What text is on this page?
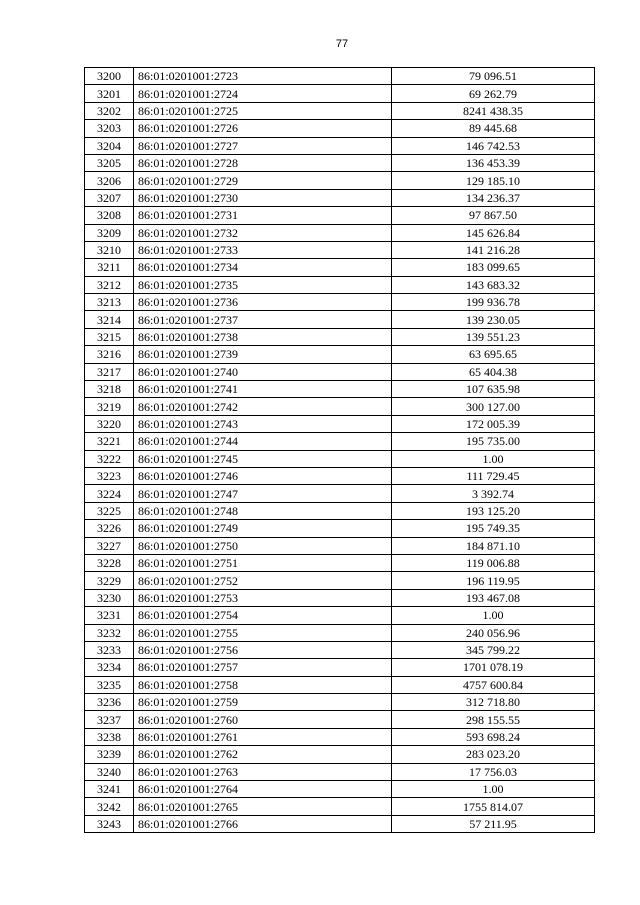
77
3200	86:01:0201001:2723	79 096.51
3201	86:01:0201001:2724	69 262.79
3202	86:01:0201001:2725	8241 438.35
3203	86:01:0201001:2726	89 445.68
3204	86:01:0201001:2727	146 742.53
3205	86:01:0201001:2728	136 453.39
3206	86:01:0201001:2729	129 185.10
3207	86:01:0201001:2730	134 236.37
3208	86:01:0201001:2731	97 867.50
3209	86:01:0201001:2732	145 626.84
3210	86:01:0201001:2733	141 216.28
3211	86:01:0201001:2734	183 099.65
3212	86:01:0201001:2735	143 683.32
3213	86:01:0201001:2736	199 936.78
3214	86:01:0201001:2737	139 230.05
3215	86:01:0201001:2738	139 551.23
3216	86:01:0201001:2739	63 695.65
3217	86:01:0201001:2740	65 404.38
3218	86:01:0201001:2741	107 635.98
3219	86:01:0201001:2742	300 127.00
3220	86:01:0201001:2743	172 005.39
3221	86:01:0201001:2744	195 735.00
3222	86:01:0201001:2745	1.00
3223	86:01:0201001:2746	111 729.45
3224	86:01:0201001:2747	3 392.74
3225	86:01:0201001:2748	193 125.20
3226	86:01:0201001:2749	195 749.35
3227	86:01:0201001:2750	184 871.10
3228	86:01:0201001:2751	119 006.88
3229	86:01:0201001:2752	196 119.95
3230	86:01:0201001:2753	193 467.08
3231	86:01:0201001:2754	1.00
3232	86:01:0201001:2755	240 056.96
3233	86:01:0201001:2756	345 799.22
3234	86:01:0201001:2757	1701 078.19
3235	86:01:0201001:2758	4757 600.84
3236	86:01:0201001:2759	312 718.80
3237	86:01:0201001:2760	298 155.55
3238	86:01:0201001:2761	593 698.24
3239	86:01:0201001:2762	283 023.20
3240	86:01:0201001:2763	17 756.03
3241	86:01:0201001:2764	1.00
3242	86:01:0201001:2765	1755 814.07
3243	86:01:0201001:2766	57 211.95
